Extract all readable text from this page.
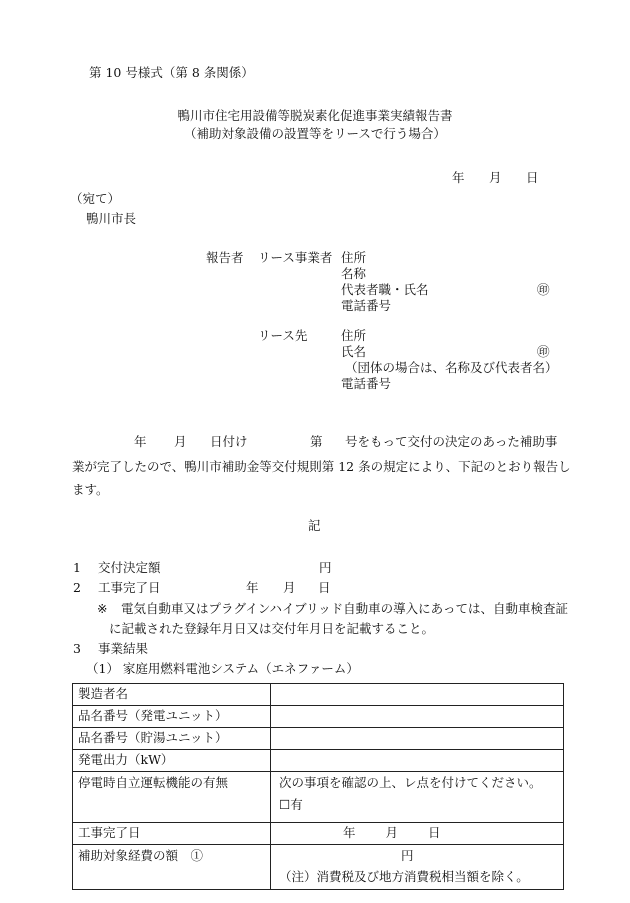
第 10 号様式（第 8 条関係）
鴨川市住宅用設備等脱炭素化促進事業実績報告書
（補助対象設備の設置等をリースで行う場合）
年 月 日
（宛て）
鴨川市長
報告者 リース事業者 住所
名称
代表者職・氏名	㊞
電話番号
リース先	住所
氏名	㊞
（団体の場合は、名称及び代表者名）
電話番号
年 月 日付け	第 号をもって交付の決定のあった補助事
業が完了したので、鴨川市補助金等交付規則第 12 条の規定により、下記のとおり報告し
ます。
記
1 交付決定額	円
2 工事完了日	年 月 日
※ 電気自動車又はプラグインハイブリッド自動車の導入にあっては、自動車検査証
に記載された登録年月日又は交付年月日を記載すること。
3 事業結果
（1） 家庭用燃料電池システム（エネファーム）
製造者名	
品名番号（発電ユニット）	
品名番号（貯湯ユニット）	
発電出力（kW）	
停電時自立運転機能の有無	次の事項を確認の上、レ点を付けてください。
☐有

工事完了日	年 月 日
補助対象経費の額　①	円
（注）消費税及び地方消費税相当額を除く。
